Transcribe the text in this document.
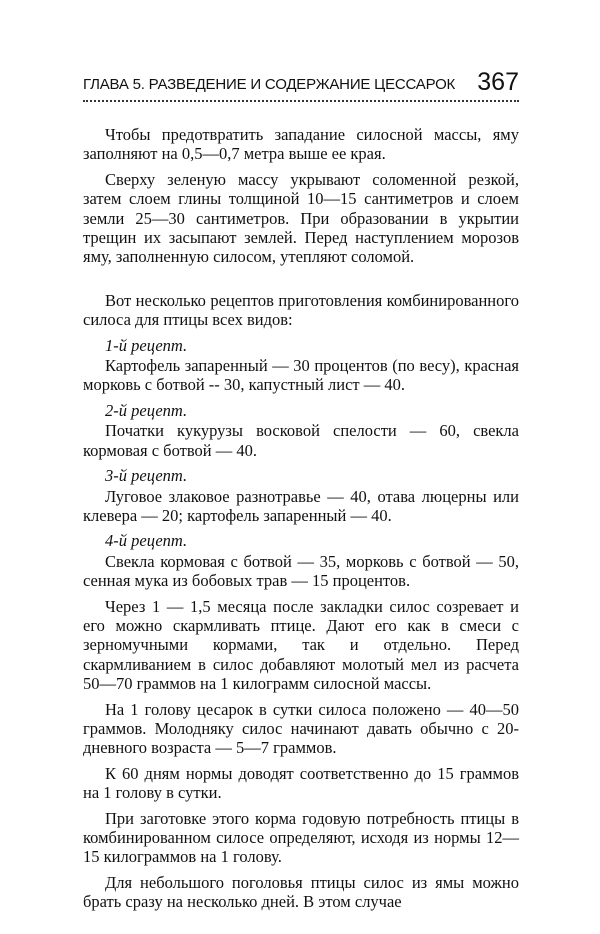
ГЛАВА 5. РАЗВЕДЕНИЕ И СОДЕРЖАНИЕ ЦЕССАРОК 367

Чтобы предотвратить западание силосной массы, яму заполняют на 0,5—0,7 метра выше ее края.

Сверху зеленую массу укрывают соломенной резкой, затем слоем глины толщиной 10—15 сантиметров и слоем земли 25—30 сантиметров. При образовании в укрытии трещин их засыпают землей. Перед наступлением морозов яму, заполненную силосом, утепляют соломой.

Вот несколько рецептов приготовления комбинированного силоса для птицы всех видов:

1-й рецепт.

Картофель запаренный — 30 процентов (по весу), красная морковь с ботвой -- 30, капустный лист — 40.

2-й рецепт.

Початки кукурузы восковой спелости — 60, свекла кормовая с ботвой — 40.

3-й рецепт.

Луговое злаковое разнотравье — 40, отава люцерны или клевера — 20; картофель запаренный — 40.

4-й рецепт.

Свекла кормовая с ботвой — 35, морковь с ботвой — 50, сенная мука из бобовых трав — 15 процентов.

Через 1 — 1,5 месяца после закладки силос созревает и его можно скармливать птице. Дают его как в смеси с зерномучными кормами, так и отдельно. Перед скармливанием в силос добавляют молотый мел из расчета 50—70 граммов на 1 килограмм силосной массы.

На 1 голову цесарок в сутки силоса положено — 40—50 граммов. Молодняку силос начинают давать обычно с 20-дневного возраста — 5—7 граммов.

К 60 дням нормы доводят соответственно до 15 граммов на 1 голову в сутки.

При заготовке этого корма годовую потребность птицы в комбинированном силосе определяют, исходя из нормы 12—15 килограммов на 1 голову.

Для небольшого поголовья птицы силос из ямы можно брать сразу на несколько дней. В этом случае
